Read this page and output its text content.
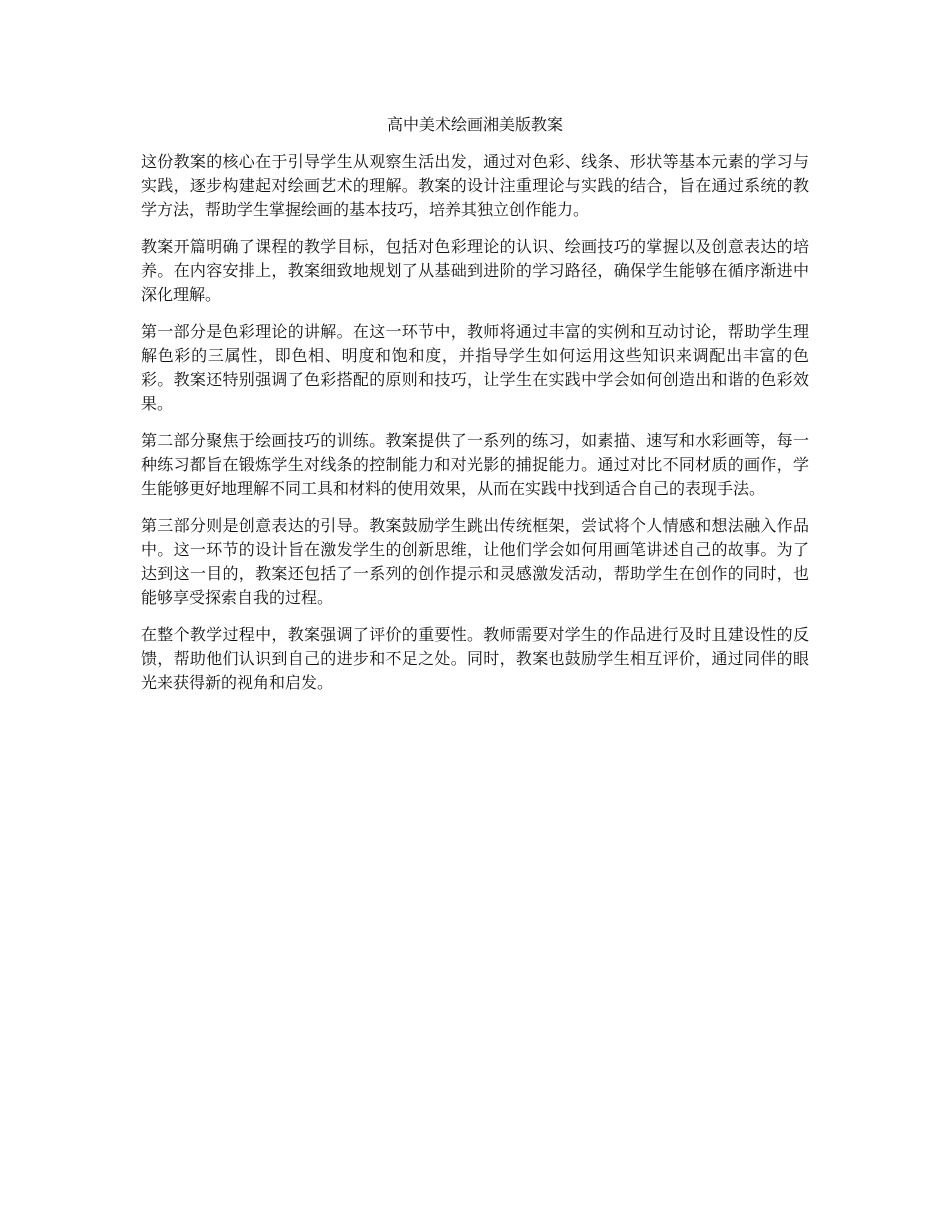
高中美术绘画湘美版教案

这份教案的核心在于引导学生从观察生活出发，通过对色彩、线条、形状等基本元素的学习与实践，逐步构建起对绘画艺术的理解。教案的设计注重理论与实践的结合，旨在通过系统的教学方法，帮助学生掌握绘画的基本技巧，培养其独立创作能力。

教案开篇明确了课程的教学目标，包括对色彩理论的认识、绘画技巧的掌握以及创意表达的培养。在内容安排上，教案细致地规划了从基础到进阶的学习路径，确保学生能够在循序渐进中深化理解。

第一部分是色彩理论的讲解。在这一环节中，教师将通过丰富的实例和互动讨论，帮助学生理解色彩的三属性，即色相、明度和饱和度，并指导学生如何运用这些知识来调配出丰富的色彩。教案还特别强调了色彩搭配的原则和技巧，让学生在实践中学会如何创造出和谐的色彩效果。

第二部分聚焦于绘画技巧的训练。教案提供了一系列的练习，如素描、速写和水彩画等，每一种练习都旨在锻炼学生对线条的控制能力和对光影的捕捉能力。通过对比不同材质的画作，学生能够更好地理解不同工具和材料的使用效果，从而在实践中找到适合自己的表现手法。

第三部分则是创意表达的引导。教案鼓励学生跳出传统框架，尝试将个人情感和想法融入作品中。这一环节的设计旨在激发学生的创新思维，让他们学会如何用画笔讲述自己的故事。为了达到这一目的，教案还包括了一系列的创作提示和灵感激发活动，帮助学生在创作的同时，也能够享受探索自我的过程。

在整个教学过程中，教案强调了评价的重要性。教师需要对学生的作品进行及时且建设性的反馈，帮助他们认识到自己的进步和不足之处。同时，教案也鼓励学生相互评价，通过同伴的眼光来获得新的视角和启发。
